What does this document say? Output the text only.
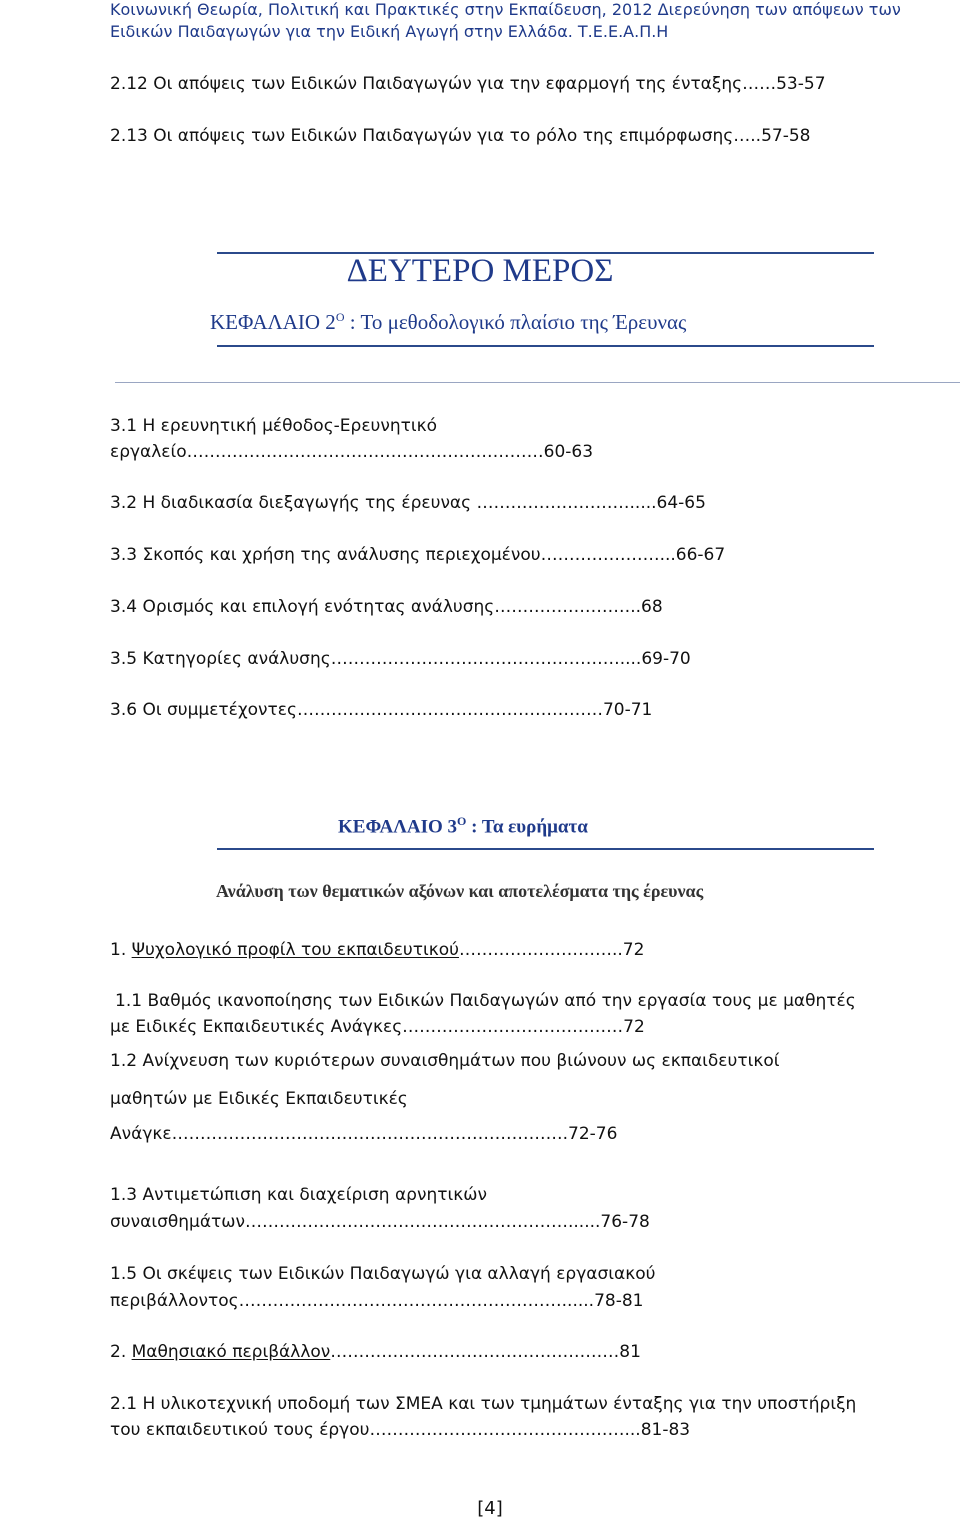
Κοινωνική Θεωρία, Πολιτική και Πρακτικές στην Εκπαίδευση, 2012 Διερεύνηση των απόψεων των
Ειδικών Παιδαγωγών για την Ειδική Αγωγή στην Ελλάδα. Τ.Ε.Ε.Α.Π.Η
2.12 Οι απόψεις των Ειδικών Παιδαγωγών για την εφαρμογή της ένταξης……53-57
2.13 Οι απόψεις των Ειδικών Παιδαγωγών για το ρόλο της επιμόρφωσης…..57-58
ΔΕΥΤΕΡΟ ΜΕΡΟΣ
ΚΕΦΑΛΑΙΟ $2^O$ : Το μεθοδολογικό πλαίσιο της Έρευνας
3.1 Η ερευνητική μέθοδος-Ερευνητικό
εργαλείο………………………………………………………60-63
3.2 Η διαδικασία διεξαγωγής της έρευνας ……………………….....64-65
3.3 Σκοπός και χρήση της ανάλυσης περιεχομένου…………………...66-67
3.4 Ορισμός και επιλογή ενότητας ανάλυσης……………………..68
3.5 Κατηγορίες ανάλυσης……………………………………………....69-70
3.6 Οι συμμετέχοντες………………………………………………70-71
ΚΕΦΑΛΑΙΟ $3^O$ : Τα ευρήματα
Ανάλυση των θεματικών αξόνων και αποτελέσματα της έρευνας
1. Ψυχολογικό προφίλ του εκπαιδευτικού………………………..72
1.1 Βαθμός ικανοποίησης των Ειδικών Παιδαγωγών από την εργασία τους με μαθητές
με Ειδικές Εκπαιδευτικές Ανάγκες…………………………………72
1.2 Ανίχνευση των κυριότερων συναισθημάτων που βιώνουν ως εκπαιδευτικοί
μαθητών με Ειδικές Εκπαιδευτικές
Ανάγκε…………………………………………………………….72-76
1.3 Αντιμετώπιση και διαχείριση αρνητικών
συναισθημάτων…………………………………………………......76-78
1.5 Οι σκέψεις των Ειδικών Παιδαγωγώ για αλλαγή εργασιακού
περιβάλλοντος…………………………………………………......78-81
2. Μαθησιακό περιβάλλον……………………………………………81
2.1 Η υλικοτεχνική υποδομή των ΣΜΕΑ και των τμημάτων ένταξης για την υποστήριξη
του εκπαιδευτικού τους έργου………………………………………...81-83
[4]
